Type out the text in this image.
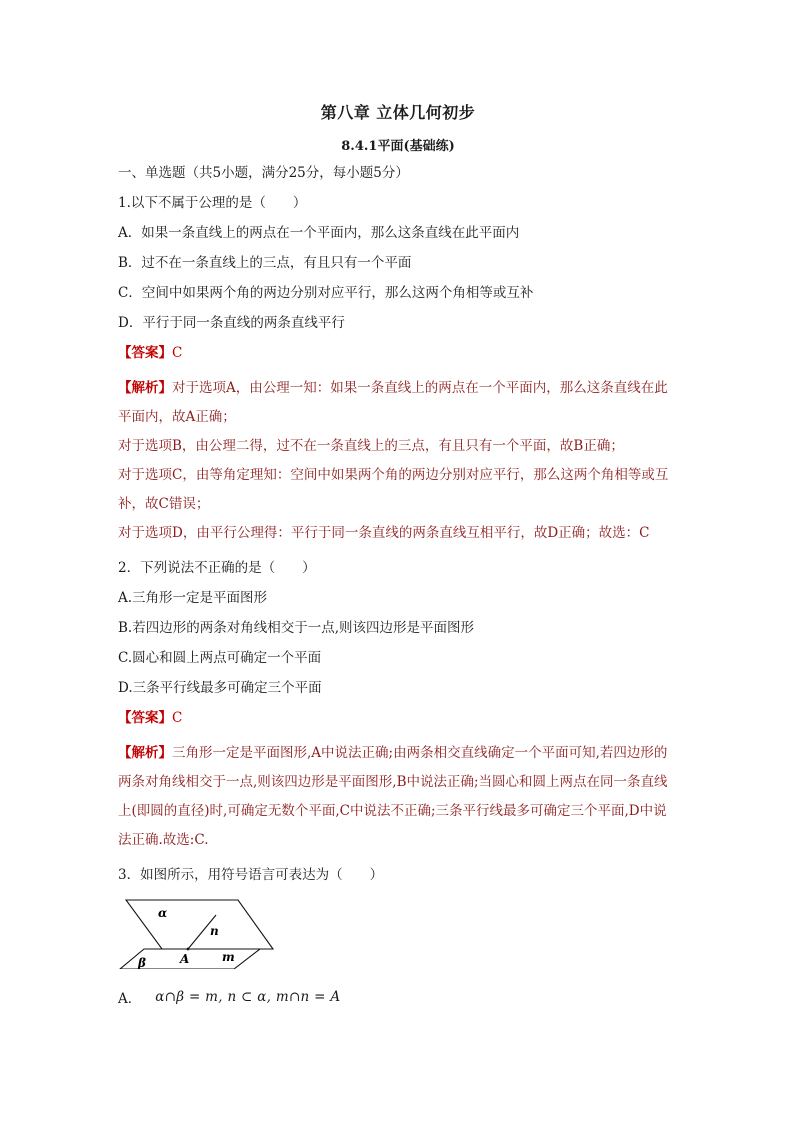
第八章 立体几何初步

8.4.1平面(基础练)

一、单选题（共5小题，满分25分，每小题5分）

1.以下不属于公理的是（　　）

A．如果一条直线上的两点在一个平面内，那么这条直线在此平面内

B．过不在一条直线上的三点，有且只有一个平面

C．空间中如果两个角的两边分别对应平行，那么这两个角相等或互补

D．平行于同一条直线的两条直线平行

【答案】C

【解析】对于选项A，由公理一知：如果一条直线上的两点在一个平面内，那么这条直线在此平面内，故A正确；

对于选项B，由公理二得，过不在一条直线上的三点，有且只有一个平面，故B正确；

对于选项C，由等角定理知：空间中如果两个角的两边分别对应平行，那么这两个角相等或互补，故C错误；

对于选项D，由平行公理得：平行于同一条直线的两条直线互相平行，故D正确；故选：C

2．下列说法不正确的是（　　）

A.三角形一定是平面图形

B.若四边形的两条对角线相交于一点,则该四边形是平面图形

C.圆心和圆上两点可确定一个平面

D.三条平行线最多可确定三个平面

【答案】C

【解析】三角形一定是平面图形,A中说法正确;由两条相交直线确定一个平面可知,若四边形的两条对角线相交于一点,则该四边形是平面图形,B中说法正确;当圆心和圆上两点在同一条直线上(即圆的直径)时,可确定无数个平面,C中说法不正确;三条平行线最多可确定三个平面,D中说法正确.故选:C.

3．如图所示，用符号语言可表达为（　　）

α
n
A	m
β
A． α∩β = m, n ⊂ α, m∩n = A
